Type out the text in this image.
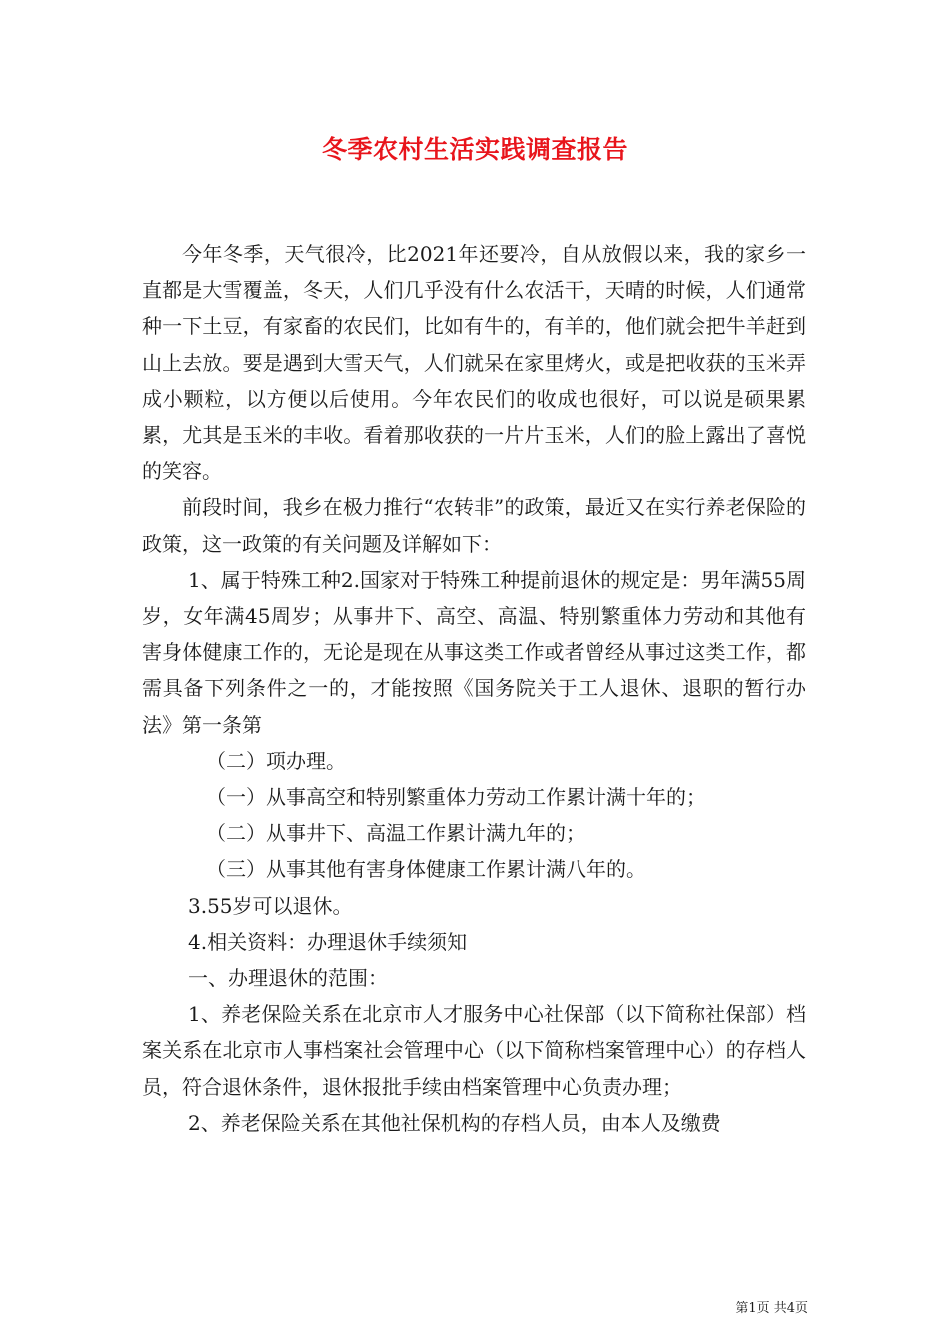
冬季农村生活实践调查报告

今年冬季，天气很冷，比2021年还要冷，自从放假以来，我的家乡一直都是大雪覆盖，冬天，人们几乎没有什么农活干，天晴的时候，人们通常种一下土豆，有家畜的农民们，比如有牛的，有羊的，他们就会把牛羊赶到山上去放。要是遇到大雪天气，人们就呆在家里烤火，或是把收获的玉米弄成小颗粒，以方便以后使用。今年农民们的收成也很好，可以说是硕果累累，尤其是玉米的丰收。看着那收获的一片片玉米，人们的脸上露出了喜悦的笑容。

前段时间，我乡在极力推行“农转非”的政策，最近又在实行养老保险的政策，这一政策的有关问题及详解如下：

1、属于特殊工种2.国家对于特殊工种提前退休的规定是：男年满55周岁，女年满45周岁；从事井下、高空、高温、特别繁重体力劳动和其他有害身体健康工作的，无论是现在从事这类工作或者曾经从事过这类工作，都需具备下列条件之一的，才能按照《国务院关于工人退休、退职的暂行办法》第一条第

（二）项办理。

（一）从事高空和特别繁重体力劳动工作累计满十年的；

（二）从事井下、高温工作累计满九年的；

（三）从事其他有害身体健康工作累计满八年的。

3.55岁可以退休。

4.相关资料：办理退休手续须知

一、办理退休的范围：

1、养老保险关系在北京市人才服务中心社保部（以下简称社保部）档案关系在北京市人事档案社会管理中心（以下简称档案管理中心）的存档人员，符合退休条件，退休报批手续由档案管理中心负责办理；

2、养老保险关系在其他社保机构的存档人员，由本人及缴费

第1页 共4页
